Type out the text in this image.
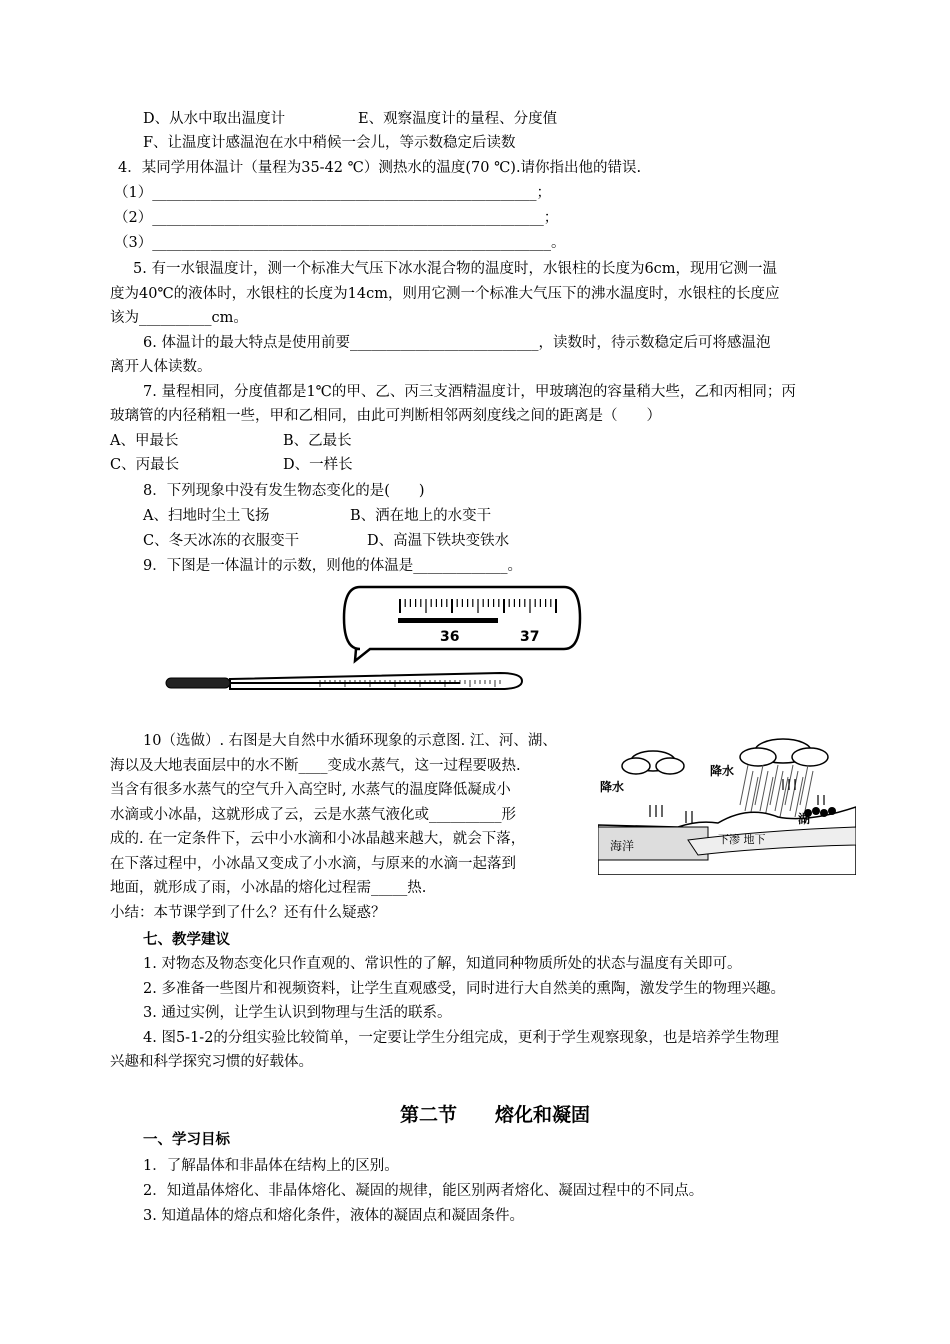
D、从水中取出温度计	E、观察温度计的量程、分度值
F、让温度计感温泡在水中稍候一会儿，等示数稳定后读数
4．某同学用体温计（量程为35-42 ℃）测热水的温度(70 ℃).请你指出他的错误.
（1）_____________________________________________________；
（2）______________________________________________________；
（3）_______________________________________________________。
5. 有一水银温度计，测一个标准大气压下冰水混合物的温度时，水银柱的长度为6cm，现用它测一温
度为40℃的液体时，水银柱的长度为14cm，则用它测一个标准大气压下的沸水温度时，水银柱的长度应
该为__________cm。
6. 体温计的最大特点是使用前要__________________________，读数时，待示数稳定后可将感温泡
离开人体读数。
7. 量程相同，分度值都是1℃的甲、乙、丙三支酒精温度计，甲玻璃泡的容量稍大些，乙和丙相同；丙
玻璃管的内径稍粗一些，甲和乙相同，由此可判断相邻两刻度线之间的距离是（　　）
A、甲最长	B、乙最长
C、丙最长	D、一样长
8．下列现象中没有发生物态变化的是(　　)
A、扫地时尘土飞扬	B、洒在地上的水变干
C、冬天冰冻的衣服变干	D、高温下铁块变铁水
9．下图是一体温计的示数，则他的体温是_____________。
36	37
降水
降水
湖
海洋	下渗 地下
10（选做）. 右图是大自然中水循环现象的示意图. 江、河、湖、
海以及大地表面层中的水不断____变成水蒸气，这一过程要吸热.
当含有很多水蒸气的空气升入高空时, 水蒸气的温度降低凝成小
水滴或小冰晶，这就形成了云，云是水蒸气液化或__________形
成的. 在一定条件下，云中小水滴和小冰晶越来越大，就会下落，
在下落过程中，小冰晶又变成了小水滴，与原来的水滴一起落到
地面，就形成了雨，小冰晶的熔化过程需_____热.
小结：本节课学到了什么？还有什么疑惑？
七、教学建议
1. 对物态及物态变化只作直观的、常识性的了解，知道同种物质所处的状态与温度有关即可。
2. 多准备一些图片和视频资料，让学生直观感受，同时进行大自然美的熏陶，激发学生的物理兴趣。
3. 通过实例，让学生认识到物理与生活的联系。
4. 图5-1-2的分组实验比较简单，一定要让学生分组完成，更利于学生观察现象，也是培养学生物理
兴趣和科学探究习惯的好载体。
第二节　　熔化和凝固
一、学习目标
1．了解晶体和非晶体在结构上的区别。
2．知道晶体熔化、非晶体熔化、凝固的规律，能区别两者熔化、凝固过程中的不同点。
3. 知道晶体的熔点和熔化条件，液体的凝固点和凝固条件。
